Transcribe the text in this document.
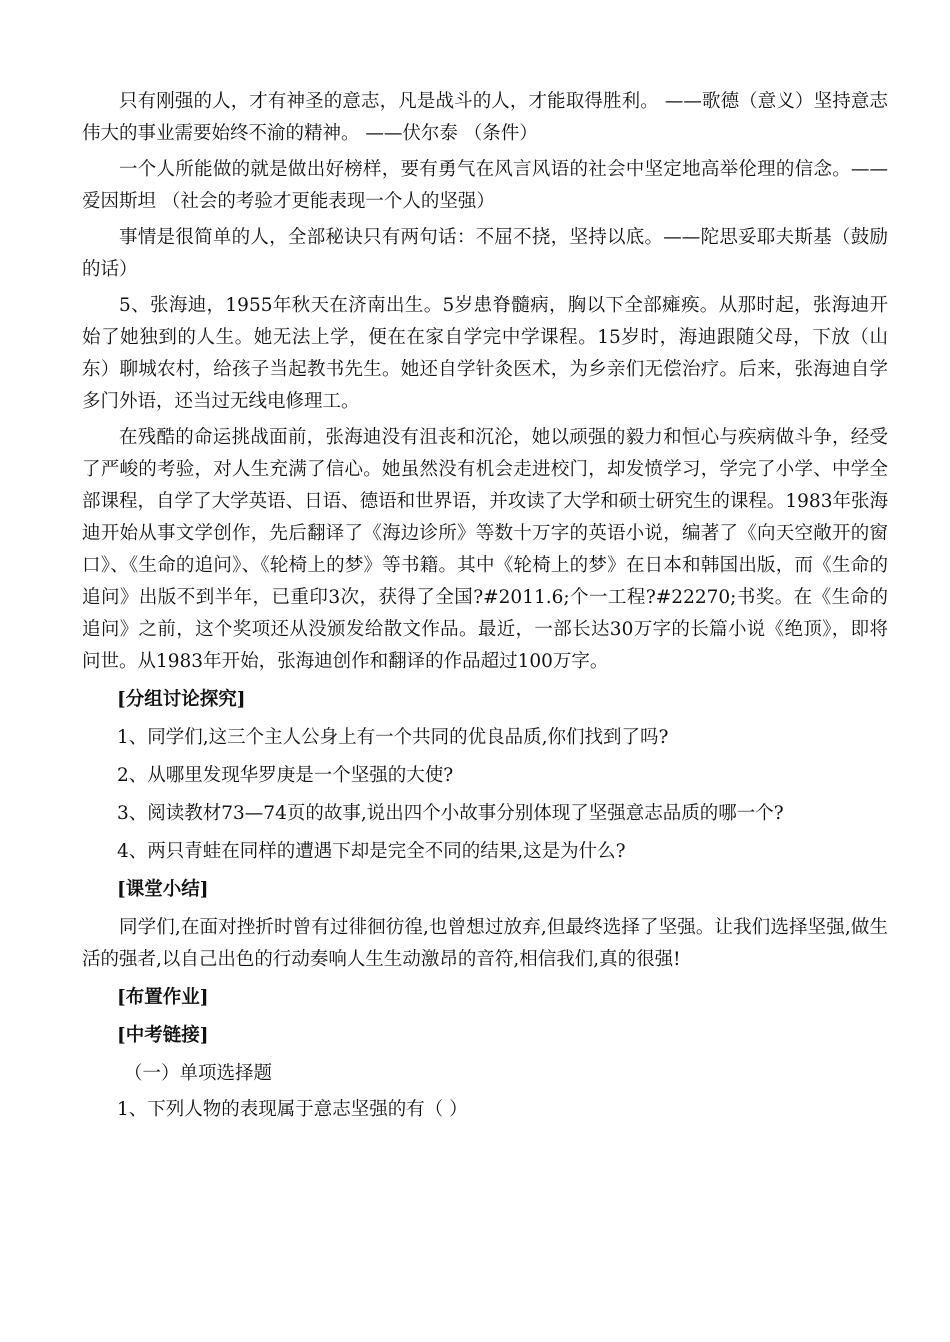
只有刚强的人，才有神圣的意志，凡是战斗的人，才能取得胜利。 ——歌德（意义）坚持意志伟大的事业需要始终不渝的精神。 ——伏尔泰 （条件）

一个人所能做的就是做出好榜样，要有勇气在风言风语的社会中坚定地高举伦理的信念。——爱因斯坦 （社会的考验才更能表现一个人的坚强）

事情是很简单的人，全部秘诀只有两句话：不屈不挠，坚持以底。——陀思妥耶夫斯基（鼓励的话）

5、张海迪，1955年秋天在济南出生。5岁患脊髓病，胸以下全部瘫痪。从那时起，张海迪开始了她独到的人生。她无法上学，便在在家自学完中学课程。15岁时，海迪跟随父母，下放（山东）聊城农村，给孩子当起教书先生。她还自学针灸医术，为乡亲们无偿治疗。后来，张海迪自学多门外语，还当过无线电修理工。

在残酷的命运挑战面前，张海迪没有沮丧和沉沦，她以顽强的毅力和恒心与疾病做斗争，经受了严峻的考验，对人生充满了信心。她虽然没有机会走进校门，却发愤学习，学完了小学、中学全部课程，自学了大学英语、日语、德语和世界语，并攻读了大学和硕士研究生的课程。1983年张海迪开始从事文学创作，先后翻译了《海边诊所》等数十万字的英语小说，编著了《向天空敞开的窗口》、《生命的追问》、《轮椅上的梦》等书籍。其中《轮椅上的梦》在日本和韩国出版，而《生命的追问》出版不到半年，已重印3次，获得了全国?#2011.6;个一工程?#22270;书奖。在《生命的追问》之前，这个奖项还从没颁发给散文作品。最近，一部长达30万字的长篇小说《绝顶》，即将问世。从1983年开始，张海迪创作和翻译的作品超过100万字。

[分组讨论探究]

1、同学们,这三个主人公身上有一个共同的优良品质,你们找到了吗?

2、从哪里发现华罗庚是一个坚强的大使?

3、阅读教材73—74页的故事,说出四个小故事分别体现了坚强意志品质的哪一个?

4、两只青蛙在同样的遭遇下却是完全不同的结果,这是为什么?

[课堂小结]

同学们,在面对挫折时曾有过徘徊彷徨,也曾想过放弃,但最终选择了坚强。让我们选择坚强,做生活的强者,以自己出色的行动奏响人生生动激昂的音符,相信我们,真的很强!

[布置作业]

[中考链接]

（一）单项选择题

1、下列人物的表现属于意志坚强的有（ ）
